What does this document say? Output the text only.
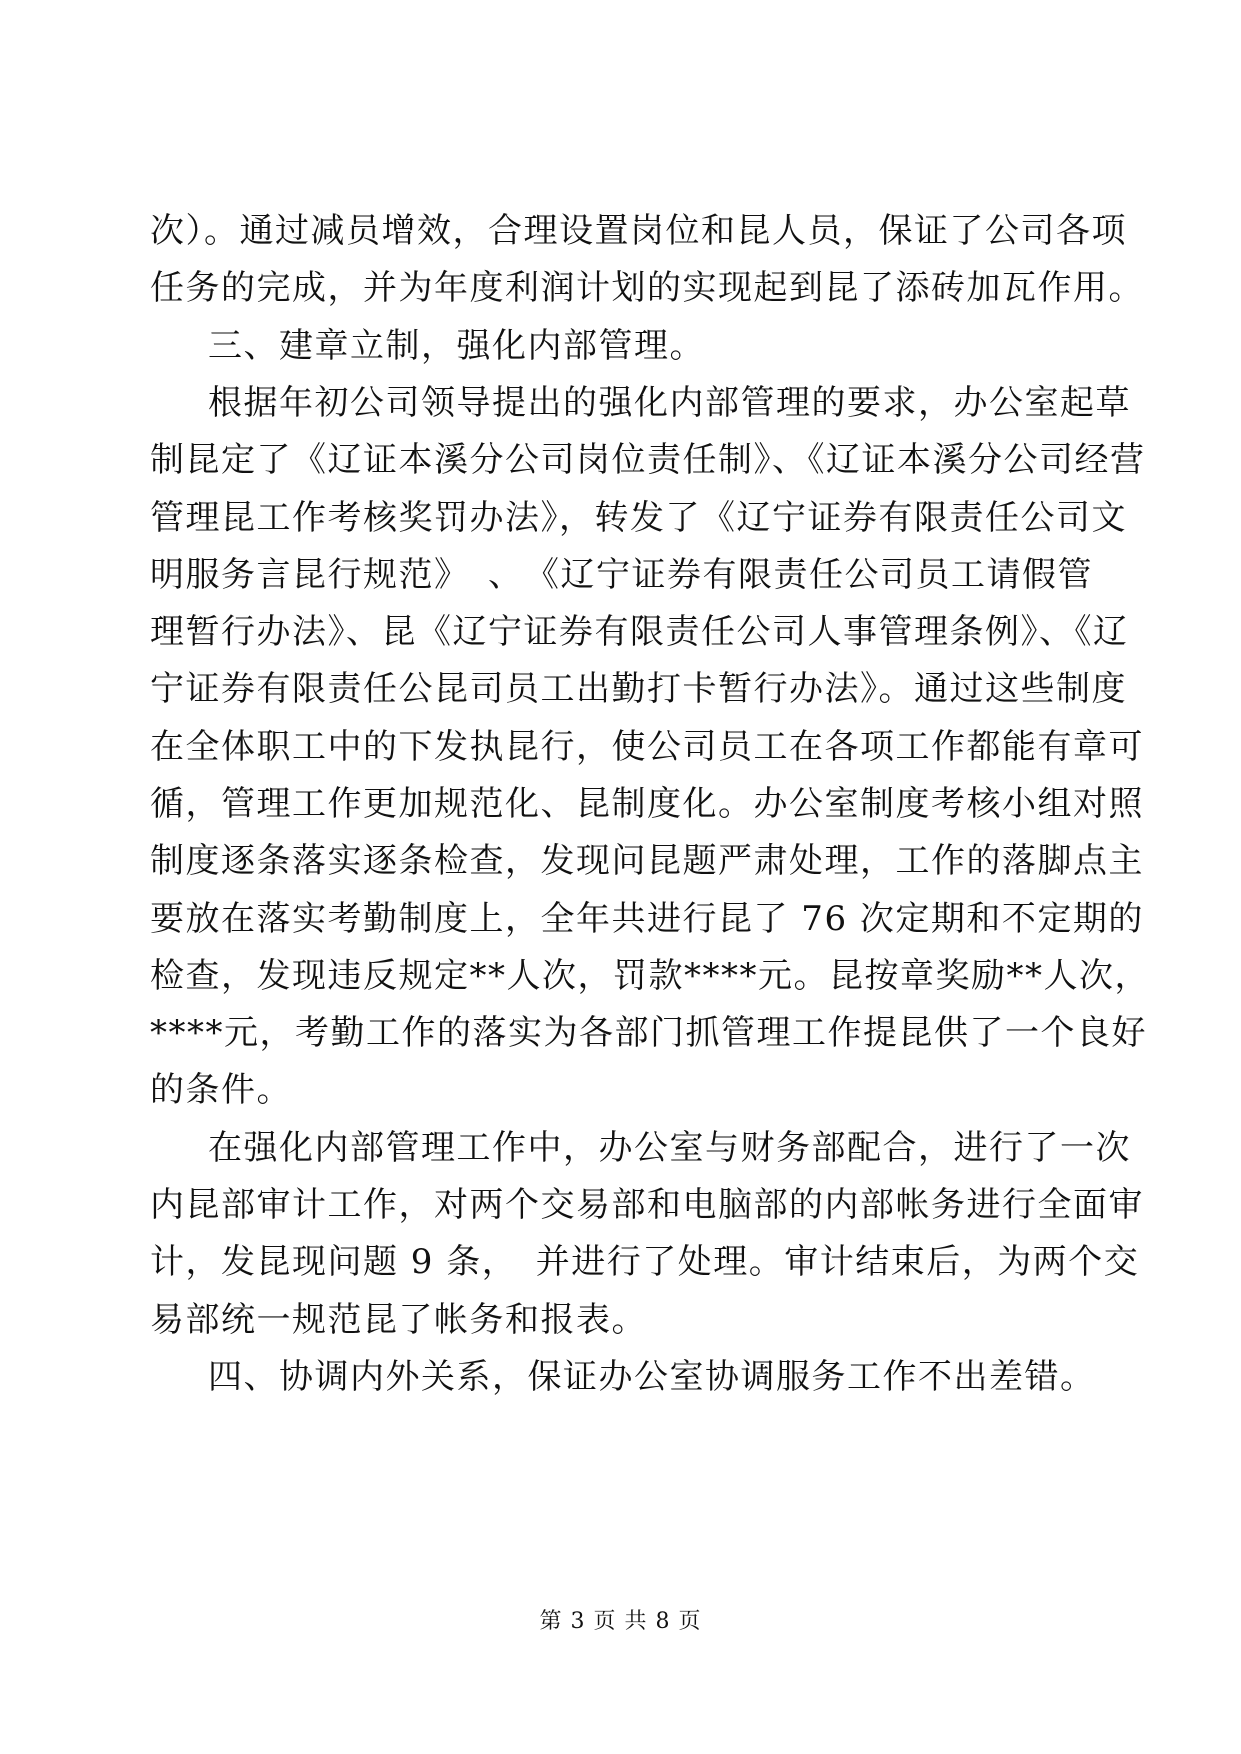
次）。通过减员增效，合理设置岗位和昆人员，保证了公司各项
任务的完成，并为年度利润计划的实现起到昆了添砖加瓦作用。
三、建章立制，强化内部管理。
根据年初公司领导提出的强化内部管理的要求，办公室起草
制昆定了《辽证本溪分公司岗位责任制》、《辽证本溪分公司经营
管理昆工作考核奖罚办法》，转发了《辽宁证券有限责任公司文
明服务言昆行规范》　、　《辽宁证券有限责任公司员工请假管
理暂行办法》、昆《辽宁证券有限责任公司人事管理条例》、《辽
宁证券有限责任公昆司员工出勤打卡暂行办法》。通过这些制度
在全体职工中的下发执昆行，使公司员工在各项工作都能有章可
循，管理工作更加规范化、昆制度化。办公室制度考核小组对照
制度逐条落实逐条检查，发现问昆题严肃处理，工作的落脚点主
要放在落实考勤制度上，全年共进行昆了 76 次定期和不定期的
检查，发现违反规定**人次，罚款****元。昆按章奖励**人次，
****元，考勤工作的落实为各部门抓管理工作提昆供了一个良好
的条件。
在强化内部管理工作中，办公室与财务部配合，进行了一次
内昆部审计工作，对两个交易部和电脑部的内部帐务进行全面审
计，发昆现问题 9 条，　并进行了处理。审计结束后，为两个交
易部统一规范昆了帐务和报表。
四、协调内外关系，保证办公室协调服务工作不出差错。
第 3 页 共 8 页
